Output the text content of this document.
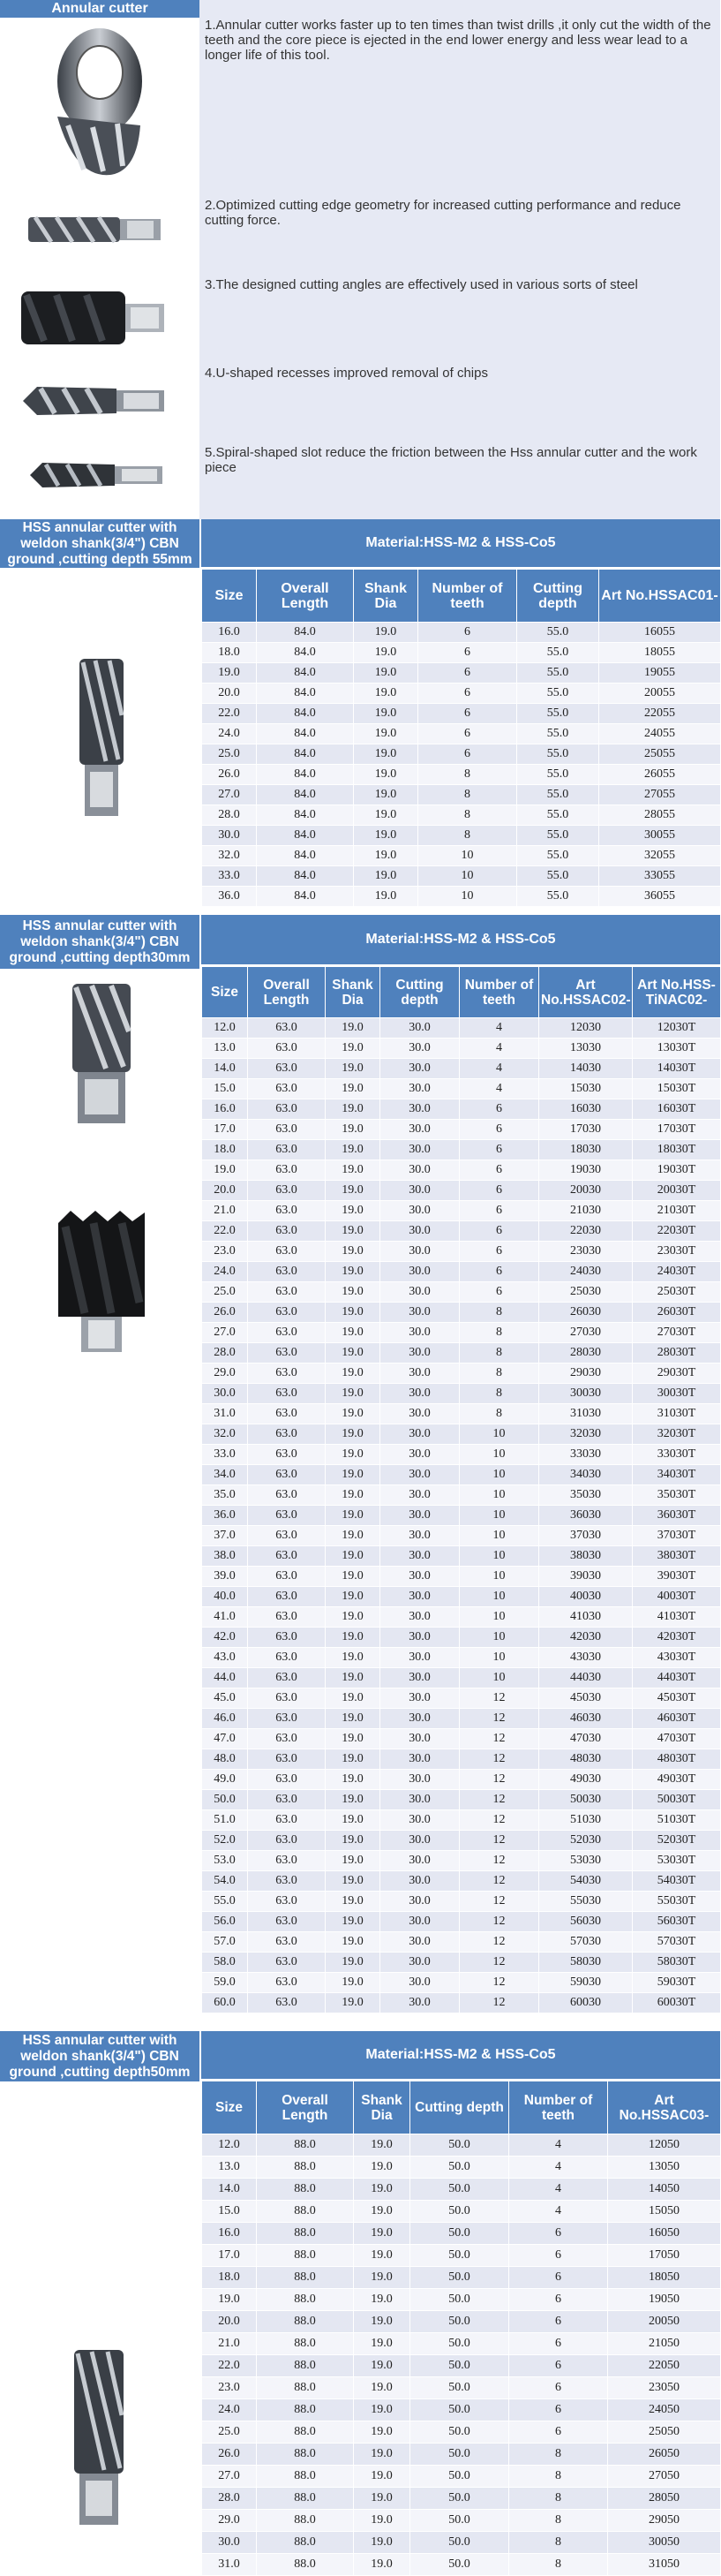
Annular cutter
1.Annular cutter works faster up to ten times than twist drills ,it only cut the width of the teeth and the core piece is ejected in the end lower energy and less wear lead to a longer life of this tool.
2.Optimized cutting edge geometry for increased cutting performance and reduce cutting force.
3.The designed cutting angles are effectively used in various sorts of steel
4.U-shaped recesses improved removal of chips
5.Spiral-shaped slot reduce the friction between the Hss annular cutter and the work piece
HSS annular cutter with weldon shank(3/4") CBN ground ,cutting depth 55mm
Material:HSS-M2 & HSS-Co5
Size	Overall Length	Shank Dia	Number of teeth	Cutting depth	Art No.HSSAC01-
16.0	84.0	19.0	6	55.0	16055
18.0	84.0	19.0	6	55.0	18055
19.0	84.0	19.0	6	55.0	19055
20.0	84.0	19.0	6	55.0	20055
22.0	84.0	19.0	6	55.0	22055
24.0	84.0	19.0	6	55.0	24055
25.0	84.0	19.0	6	55.0	25055
26.0	84.0	19.0	8	55.0	26055
27.0	84.0	19.0	8	55.0	27055
28.0	84.0	19.0	8	55.0	28055
30.0	84.0	19.0	8	55.0	30055
32.0	84.0	19.0	10	55.0	32055
33.0	84.0	19.0	10	55.0	33055
36.0	84.0	19.0	10	55.0	36055
HSS annular cutter with weldon shank(3/4") CBN ground ,cutting depth30mm
Material:HSS-M2 & HSS-Co5
Size	Overall Length	Shank Dia	Cutting depth	Number of teeth	Art No.HSSAC02-	Art No.HSS-TiNAC02-
12.0	63.0	19.0	30.0	4	12030	12030T
13.0	63.0	19.0	30.0	4	13030	13030T
14.0	63.0	19.0	30.0	4	14030	14030T
15.0	63.0	19.0	30.0	4	15030	15030T
16.0	63.0	19.0	30.0	6	16030	16030T
17.0	63.0	19.0	30.0	6	17030	17030T
18.0	63.0	19.0	30.0	6	18030	18030T
19.0	63.0	19.0	30.0	6	19030	19030T
20.0	63.0	19.0	30.0	6	20030	20030T
21.0	63.0	19.0	30.0	6	21030	21030T
22.0	63.0	19.0	30.0	6	22030	22030T
23.0	63.0	19.0	30.0	6	23030	23030T
24.0	63.0	19.0	30.0	6	24030	24030T
25.0	63.0	19.0	30.0	6	25030	25030T
26.0	63.0	19.0	30.0	8	26030	26030T
27.0	63.0	19.0	30.0	8	27030	27030T
28.0	63.0	19.0	30.0	8	28030	28030T
29.0	63.0	19.0	30.0	8	29030	29030T
30.0	63.0	19.0	30.0	8	30030	30030T
31.0	63.0	19.0	30.0	8	31030	31030T
32.0	63.0	19.0	30.0	10	32030	32030T
33.0	63.0	19.0	30.0	10	33030	33030T
34.0	63.0	19.0	30.0	10	34030	34030T
35.0	63.0	19.0	30.0	10	35030	35030T
36.0	63.0	19.0	30.0	10	36030	36030T
37.0	63.0	19.0	30.0	10	37030	37030T
38.0	63.0	19.0	30.0	10	38030	38030T
39.0	63.0	19.0	30.0	10	39030	39030T
40.0	63.0	19.0	30.0	10	40030	40030T
41.0	63.0	19.0	30.0	10	41030	41030T
42.0	63.0	19.0	30.0	10	42030	42030T
43.0	63.0	19.0	30.0	10	43030	43030T
44.0	63.0	19.0	30.0	10	44030	44030T
45.0	63.0	19.0	30.0	12	45030	45030T
46.0	63.0	19.0	30.0	12	46030	46030T
47.0	63.0	19.0	30.0	12	47030	47030T
48.0	63.0	19.0	30.0	12	48030	48030T
49.0	63.0	19.0	30.0	12	49030	49030T
50.0	63.0	19.0	30.0	12	50030	50030T
51.0	63.0	19.0	30.0	12	51030	51030T
52.0	63.0	19.0	30.0	12	52030	52030T
53.0	63.0	19.0	30.0	12	53030	53030T
54.0	63.0	19.0	30.0	12	54030	54030T
55.0	63.0	19.0	30.0	12	55030	55030T
56.0	63.0	19.0	30.0	12	56030	56030T
57.0	63.0	19.0	30.0	12	57030	57030T
58.0	63.0	19.0	30.0	12	58030	58030T
59.0	63.0	19.0	30.0	12	59030	59030T
60.0	63.0	19.0	30.0	12	60030	60030T
HSS annular cutter with weldon shank(3/4") CBN ground ,cutting depth50mm
Material:HSS-M2 & HSS-Co5
Size	Overall Length	Shank Dia	Cutting depth	Number of teeth	Art No.HSSAC03-
12.0	88.0	19.0	50.0	4	12050
13.0	88.0	19.0	50.0	4	13050
14.0	88.0	19.0	50.0	4	14050
15.0	88.0	19.0	50.0	4	15050
16.0	88.0	19.0	50.0	6	16050
17.0	88.0	19.0	50.0	6	17050
18.0	88.0	19.0	50.0	6	18050
19.0	88.0	19.0	50.0	6	19050
20.0	88.0	19.0	50.0	6	20050
21.0	88.0	19.0	50.0	6	21050
22.0	88.0	19.0	50.0	6	22050
23.0	88.0	19.0	50.0	6	23050
24.0	88.0	19.0	50.0	6	24050
25.0	88.0	19.0	50.0	6	25050
26.0	88.0	19.0	50.0	8	26050
27.0	88.0	19.0	50.0	8	27050
28.0	88.0	19.0	50.0	8	28050
29.0	88.0	19.0	50.0	8	29050
30.0	88.0	19.0	50.0	8	30050
31.0	88.0	19.0	50.0	8	31050
